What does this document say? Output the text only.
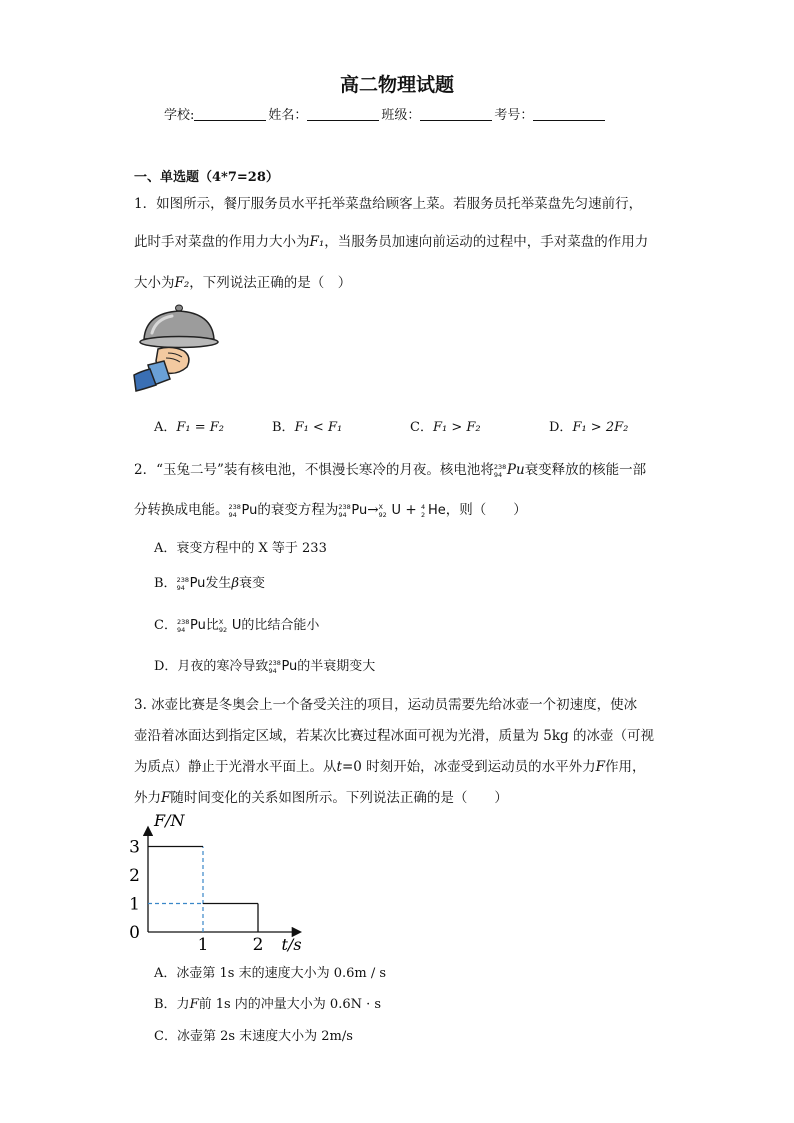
高二物理试题
学校:	姓名：	班级：	考号：
一、单选题（4*7=28）
1．如图所示，餐厅服务员水平托举菜盘给顾客上菜。若服务员托举菜盘先匀速前行，
此时手对菜盘的作用力大小为F₁，当服务员加速向前运动的过程中，手对菜盘的作用力
大小为F₂，下列说法正确的是（　）
A．F₁ = F₂	B．F₁ < F₁	C．F₁ > F₂	D．F₁ > 2F₂
2．“玉兔二号”装有核电池，不惧漫长寒冷的月夜。核电池将 238
94 Pu衰变释放的核能一部
分转换成电能。 238
94 Pu的衰变方程为 238
94 Pu→ X
92 U + 4
2 He，则（　　）
A．衰变方程中的 X 等于 233
B． 238
94 Pu发生β衰变
C． 238
94 Pu比 X
92 U的比结合能小
D．月夜的寒冷导致 238
94 Pu的半衰期变大
3. 冰壶比赛是冬奥会上一个备受关注的项目，运动员需要先给冰壶一个初速度，使冰
壶沿着冰面达到指定区域，若某次比赛过程冰面可视为光滑，质量为 5kg 的冰壶（可视
为质点）静止于光滑水平面上。从t=0 时刻开始，冰壶受到运动员的水平外力F作用，
外力F随时间变化的关系如图所示。下列说法正确的是（　　）
0
1
2
3
1	2
F/N
t/s
A．冰壶第 1s 末的速度大小为 0.6m / s
B．力F前 1s 内的冲量大小为 0.6N · s
C．冰壶第 2s 末速度大小为 2m/s
